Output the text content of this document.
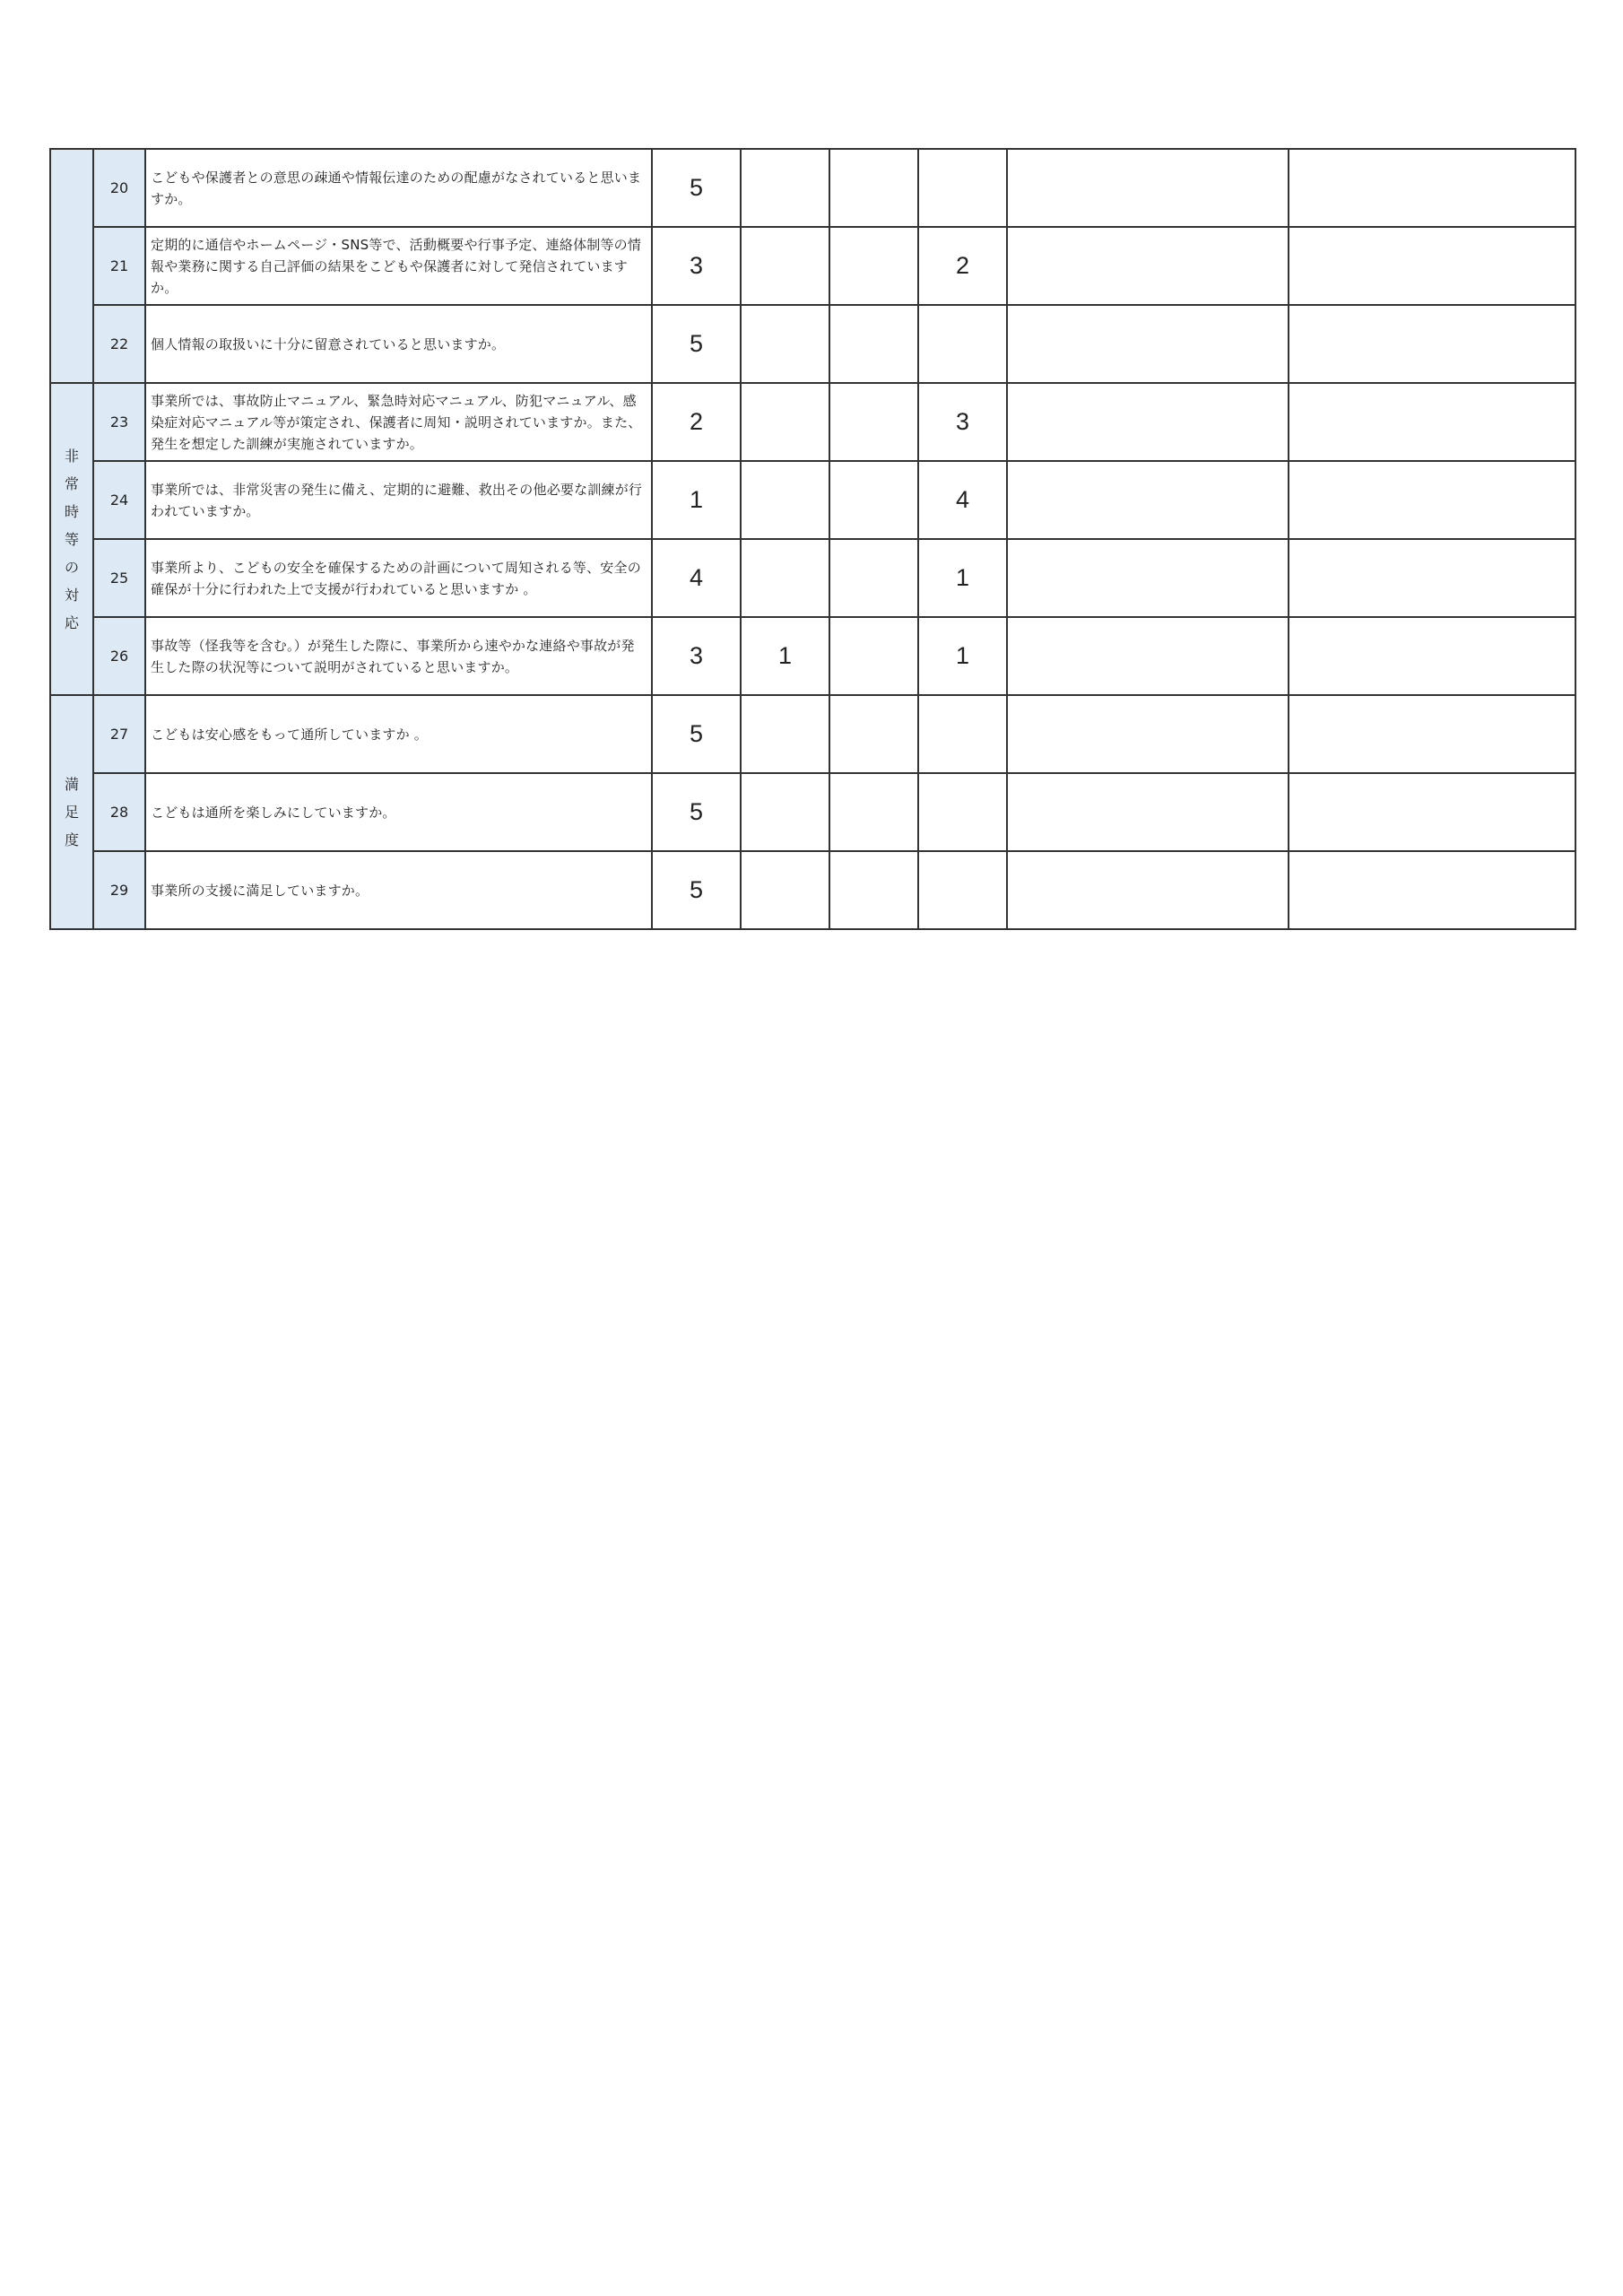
	20	こどもや保護者との意思の疎通や情報伝達のための配慮がなされていると思いますか。	5					
	21	定期的に通信やホームページ・SNS等で、活動概要や行事予定、連絡体制等の情報や業務に関する自己評価の結果をこどもや保護者に対して発信されていますか。	3			2		
	22	個人情報の取扱いに十分に留意されていると思いますか。	5					
非常時等の対応	23	事業所では、事故防止マニュアル、緊急時対応マニュアル、防犯マニュアル、感染症対応マニュアル等が策定され、保護者に周知・説明されていますか。また、発生を想定した訓練が実施されていますか。	2			3		
	24	事業所では、非常災害の発生に備え、定期的に避難、救出その他必要な訓練が行われていますか。	1			4		
	25	事業所より、こどもの安全を確保するための計画について周知される等、安全の確保が十分に行われた上で支援が行われていると思いますか 。	4			1		
	26	事故等（怪我等を含む。）が発生した際に、事業所から速やかな連絡や事故が発生した際の状況等について説明がされていると思いますか。	3	1		1		
満足度	27	こどもは安心感をもって通所していますか 。	5					
	28	こどもは通所を楽しみにしていますか。	5					
	29	事業所の支援に満足していますか。	5					
